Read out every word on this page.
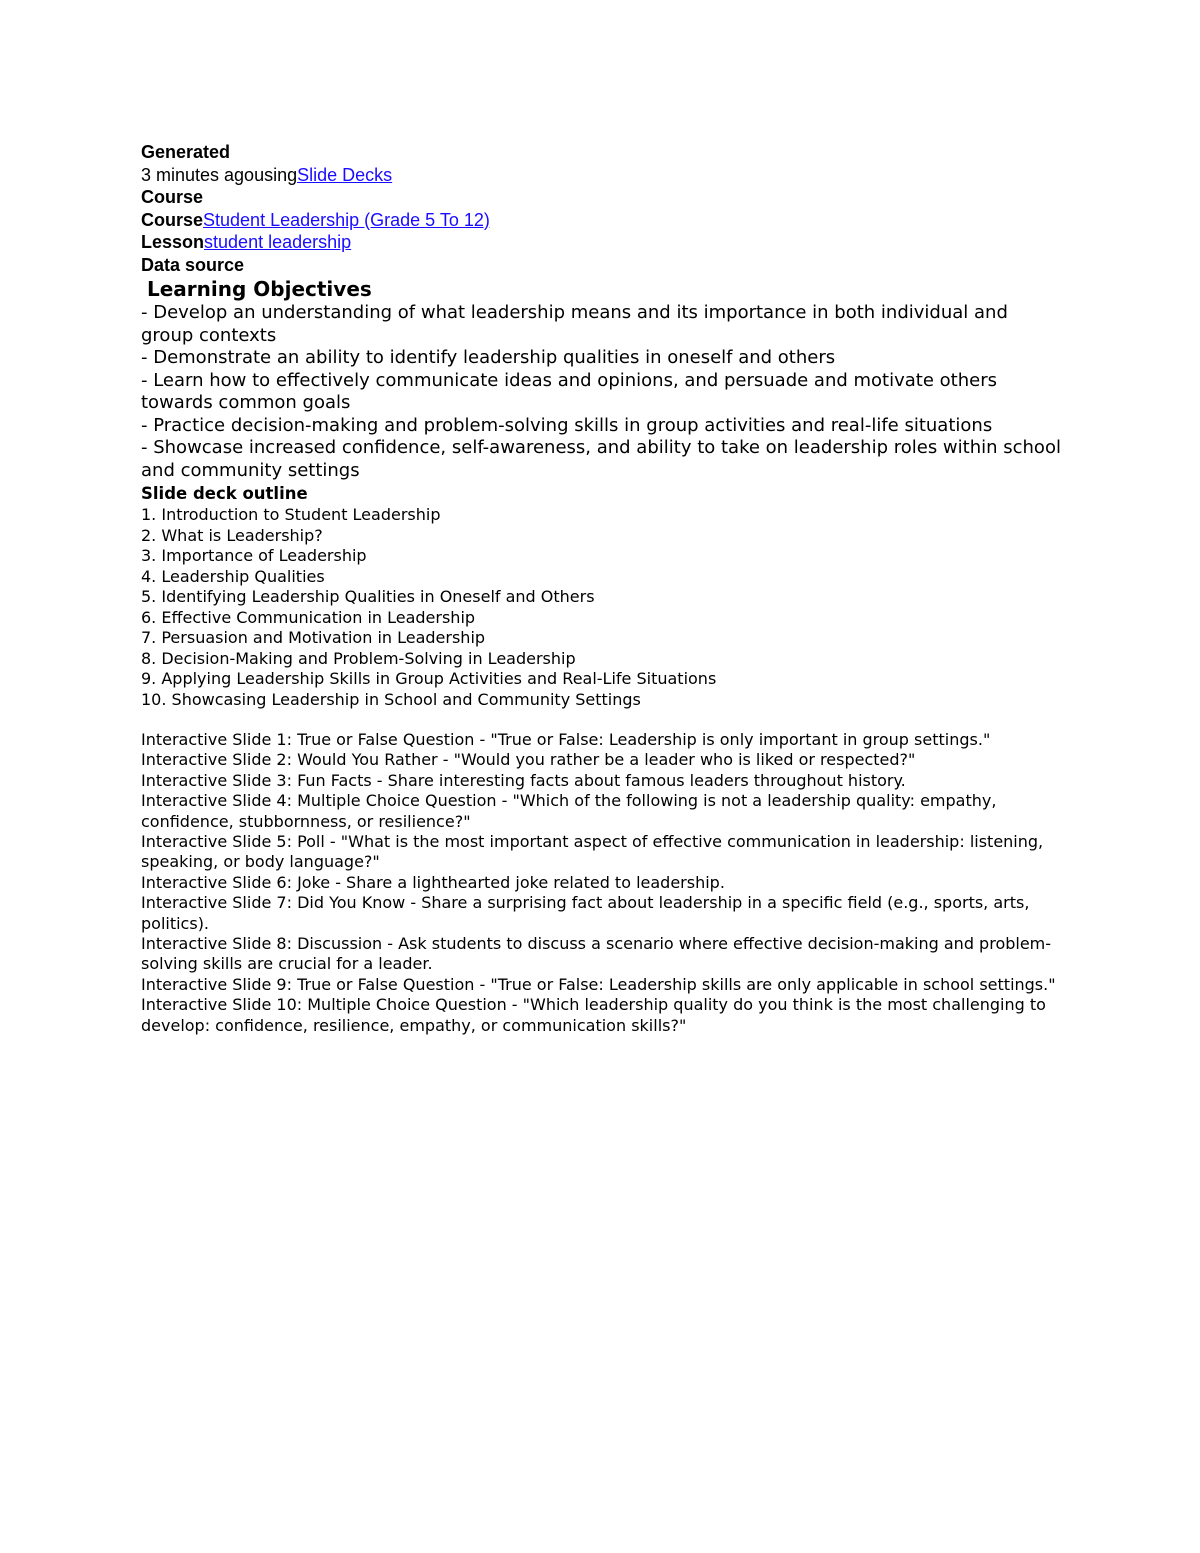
Generated
3 minutes agousingSlide Decks
Course
CourseStudent Leadership (Grade 5 To 12)
Lessonstudent leadership
Data source
Learning Objectives
- Develop an understanding of what leadership means and its importance in both individual and group contexts
- Demonstrate an ability to identify leadership qualities in oneself and others
- Learn how to effectively communicate ideas and opinions, and persuade and motivate others towards common goals
- Practice decision-making and problem-solving skills in group activities and real-life situations
- Showcase increased confidence, self-awareness, and ability to take on leadership roles within school and community settings
Slide deck outline
1. Introduction to Student Leadership
2. What is Leadership?
3. Importance of Leadership
4. Leadership Qualities
5. Identifying Leadership Qualities in Oneself and Others
6. Effective Communication in Leadership
7. Persuasion and Motivation in Leadership
8. Decision-Making and Problem-Solving in Leadership
9. Applying Leadership Skills in Group Activities and Real-Life Situations
10. Showcasing Leadership in School and Community Settings
Interactive Slide 1: True or False Question - "True or False: Leadership is only important in group settings."
Interactive Slide 2: Would You Rather - "Would you rather be a leader who is liked or respected?"
Interactive Slide 3: Fun Facts - Share interesting facts about famous leaders throughout history.
Interactive Slide 4: Multiple Choice Question - "Which of the following is not a leadership quality: empathy, confidence, stubbornness, or resilience?"
Interactive Slide 5: Poll - "What is the most important aspect of effective communication in leadership: listening, speaking, or body language?"
Interactive Slide 6: Joke - Share a lighthearted joke related to leadership.
Interactive Slide 7: Did You Know - Share a surprising fact about leadership in a specific field (e.g., sports, arts, politics).
Interactive Slide 8: Discussion - Ask students to discuss a scenario where effective decision-making and problem-solving skills are crucial for a leader.
Interactive Slide 9: True or False Question - "True or False: Leadership skills are only applicable in school settings."
Interactive Slide 10: Multiple Choice Question - "Which leadership quality do you think is the most challenging to develop: confidence, resilience, empathy, or communication skills?"
